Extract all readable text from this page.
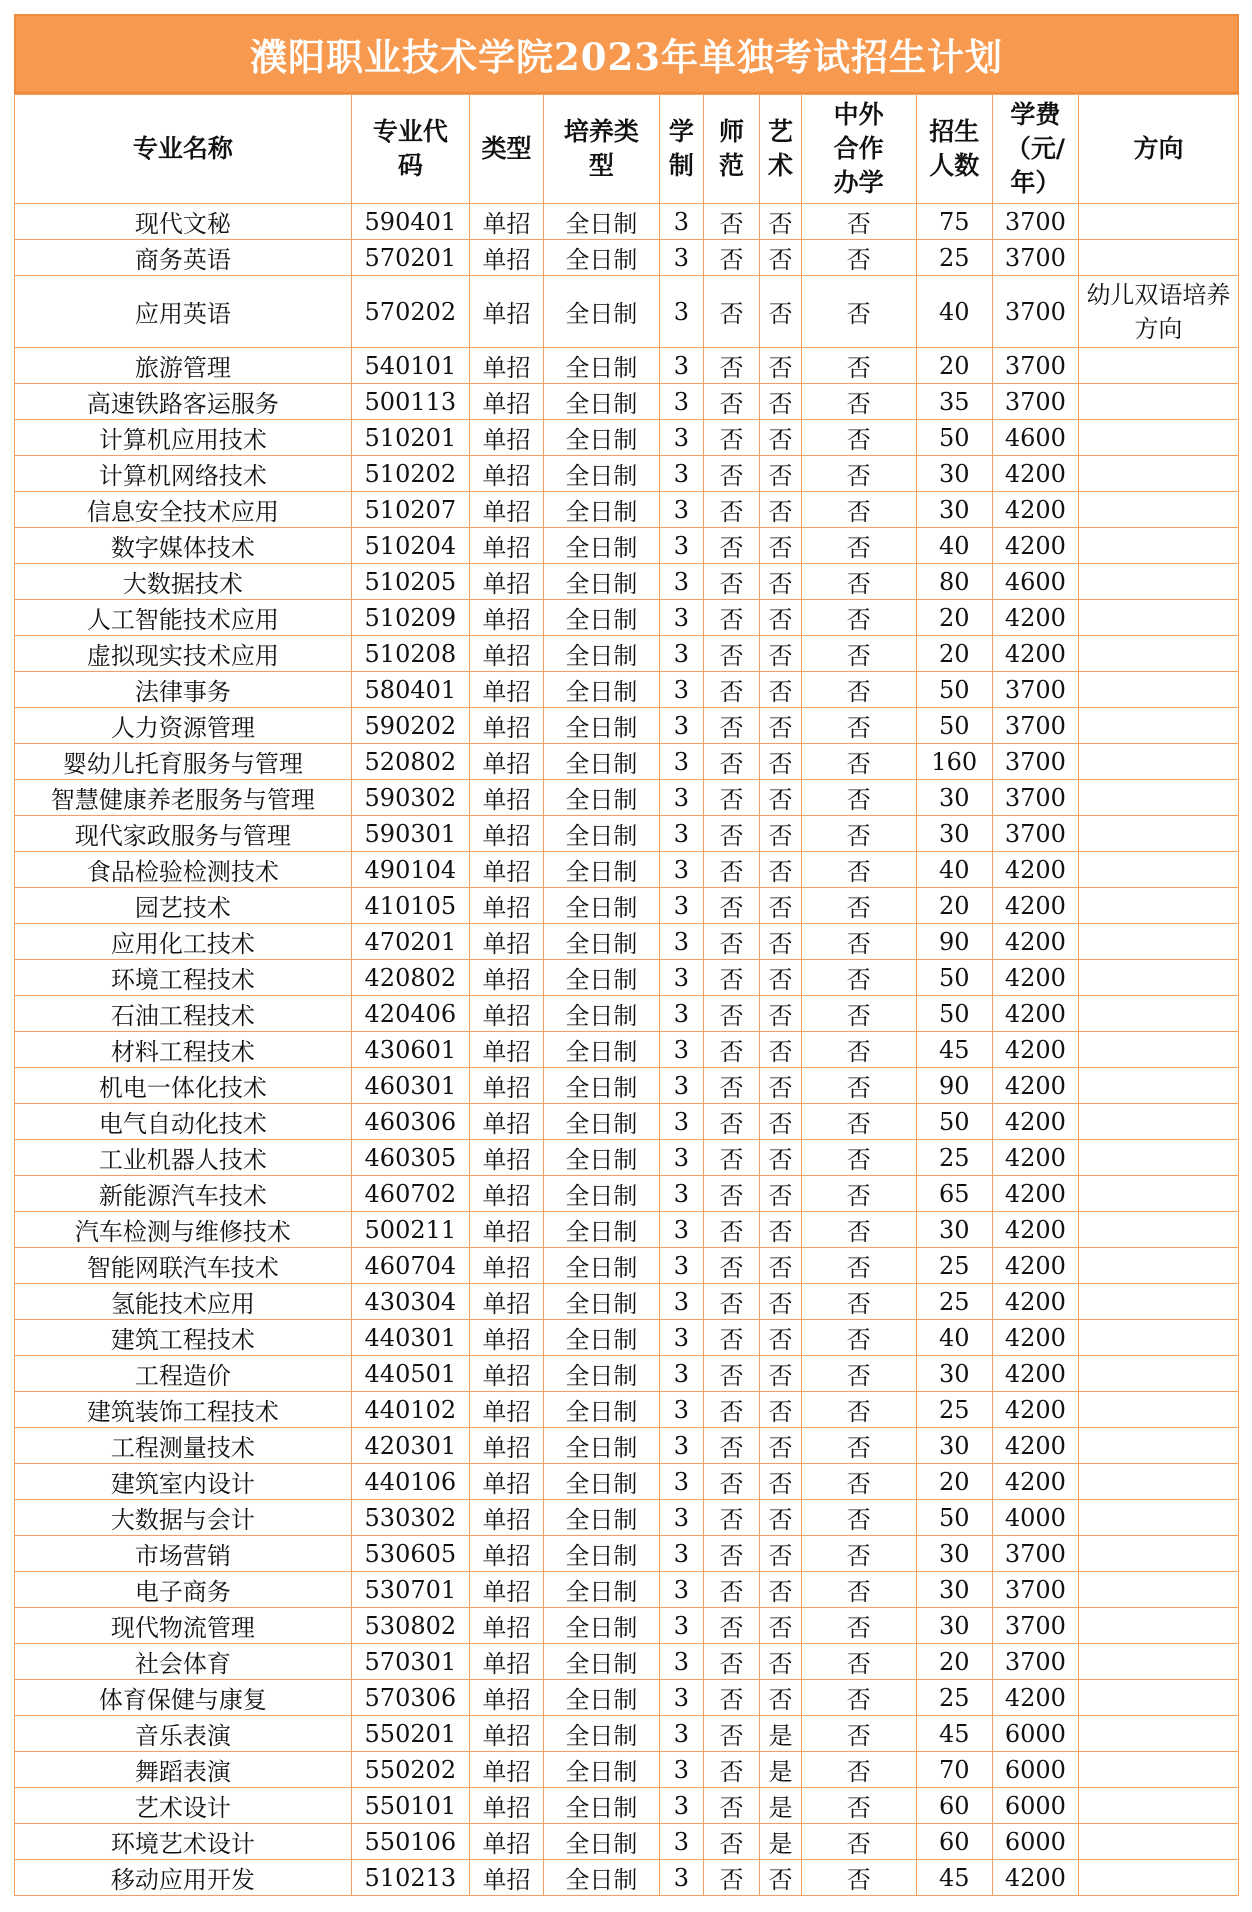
濮阳职业技术学院2023年单独考试招生计划
专业名称	专业代码	类型	培养类型	学制	师范	艺术	中外合作办学	招生人数	学费（元/年）	方向
现代文秘	590401	单招	全日制	3	否	否	否	75	3700	
商务英语	570201	单招	全日制	3	否	否	否	25	3700	
应用英语	570202	单招	全日制	3	否	否	否	40	3700	幼儿双语培养方向
旅游管理	540101	单招	全日制	3	否	否	否	20	3700	
高速铁路客运服务	500113	单招	全日制	3	否	否	否	35	3700	
计算机应用技术	510201	单招	全日制	3	否	否	否	50	4600	
计算机网络技术	510202	单招	全日制	3	否	否	否	30	4200	
信息安全技术应用	510207	单招	全日制	3	否	否	否	30	4200	
数字媒体技术	510204	单招	全日制	3	否	否	否	40	4200	
大数据技术	510205	单招	全日制	3	否	否	否	80	4600	
人工智能技术应用	510209	单招	全日制	3	否	否	否	20	4200	
虚拟现实技术应用	510208	单招	全日制	3	否	否	否	20	4200	
法律事务	580401	单招	全日制	3	否	否	否	50	3700	
人力资源管理	590202	单招	全日制	3	否	否	否	50	3700	
婴幼儿托育服务与管理	520802	单招	全日制	3	否	否	否	160	3700	
智慧健康养老服务与管理	590302	单招	全日制	3	否	否	否	30	3700	
现代家政服务与管理	590301	单招	全日制	3	否	否	否	30	3700	
食品检验检测技术	490104	单招	全日制	3	否	否	否	40	4200	
园艺技术	410105	单招	全日制	3	否	否	否	20	4200	
应用化工技术	470201	单招	全日制	3	否	否	否	90	4200	
环境工程技术	420802	单招	全日制	3	否	否	否	50	4200	
石油工程技术	420406	单招	全日制	3	否	否	否	50	4200	
材料工程技术	430601	单招	全日制	3	否	否	否	45	4200	
机电一体化技术	460301	单招	全日制	3	否	否	否	90	4200	
电气自动化技术	460306	单招	全日制	3	否	否	否	50	4200	
工业机器人技术	460305	单招	全日制	3	否	否	否	25	4200	
新能源汽车技术	460702	单招	全日制	3	否	否	否	65	4200	
汽车检测与维修技术	500211	单招	全日制	3	否	否	否	30	4200	
智能网联汽车技术	460704	单招	全日制	3	否	否	否	25	4200	
氢能技术应用	430304	单招	全日制	3	否	否	否	25	4200	
建筑工程技术	440301	单招	全日制	3	否	否	否	40	4200	
工程造价	440501	单招	全日制	3	否	否	否	30	4200	
建筑装饰工程技术	440102	单招	全日制	3	否	否	否	25	4200	
工程测量技术	420301	单招	全日制	3	否	否	否	30	4200	
建筑室内设计	440106	单招	全日制	3	否	否	否	20	4200	
大数据与会计	530302	单招	全日制	3	否	否	否	50	4000	
市场营销	530605	单招	全日制	3	否	否	否	30	3700	
电子商务	530701	单招	全日制	3	否	否	否	30	3700	
现代物流管理	530802	单招	全日制	3	否	否	否	30	3700	
社会体育	570301	单招	全日制	3	否	否	否	20	3700	
体育保健与康复	570306	单招	全日制	3	否	否	否	25	4200	
音乐表演	550201	单招	全日制	3	否	是	否	45	6000	
舞蹈表演	550202	单招	全日制	3	否	是	否	70	6000	
艺术设计	550101	单招	全日制	3	否	是	否	60	6000	
环境艺术设计	550106	单招	全日制	3	否	是	否	60	6000	
移动应用开发	510213	单招	全日制	3	否	否	否	45	4200	
